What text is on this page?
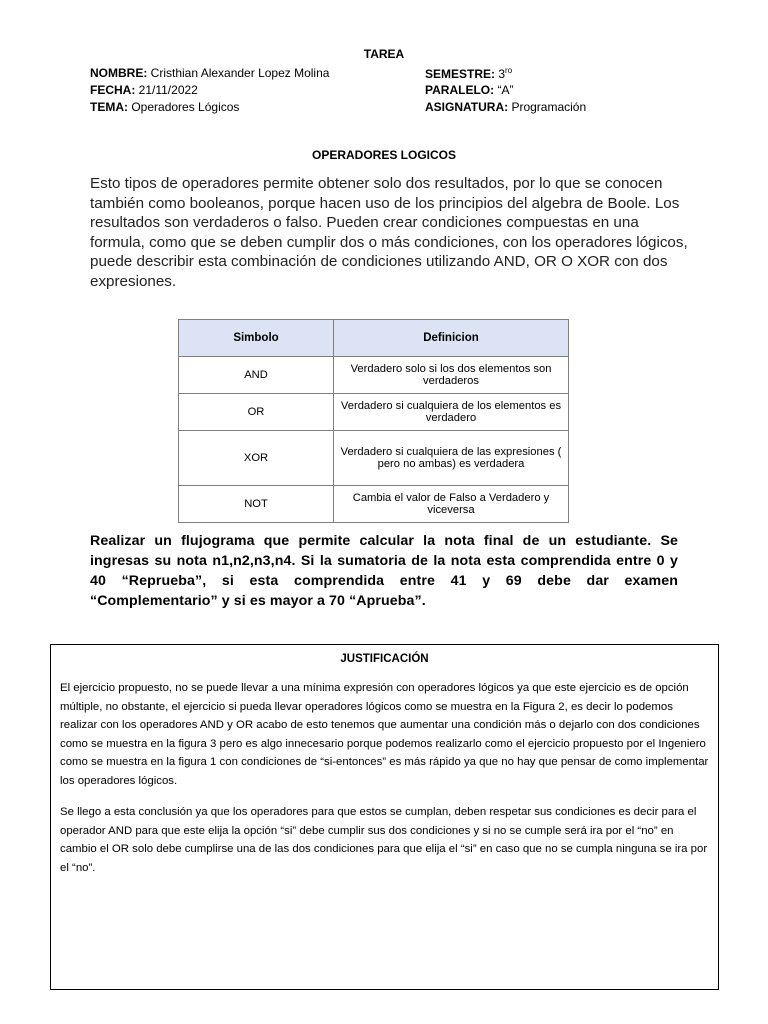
TAREA
NOMBRE: Cristhian Alexander Lopez Molina
FECHA: 21/11/2022
TEMA: Operadores Lógicos
SEMESTRE: $3^{ro}$
PARALELO: “A”
ASIGNATURA: Programación
OPERADORES LOGICOS

Esto tipos de operadores permite obtener solo dos resultados, por lo que se conocen también como booleanos, porque hacen uso de los principios del algebra de Boole. Los resultados son verdaderos o falso. Pueden crear condiciones compuestas en una formula, como que se deben cumplir dos o más condiciones, con los operadores lógicos, puede describir esta combinación de condiciones utilizando AND, OR O XOR con dos expresiones.

Simbolo	Definicion
AND	Verdadero solo si los dos elementos son verdaderos
OR	Verdadero si cualquiera de los elementos es verdadero
XOR	Verdadero si cualquiera de las expresiones ( pero no ambas) es verdadera
NOT	Cambia el valor de Falso a Verdadero y viceversa
Realizar un flujograma que permite calcular la nota final de un estudiante. Se ingresas su nota n1,n2,n3,n4. Si la sumatoria de la nota esta comprendida entre 0 y 40 “Reprueba”, si esta comprendida entre 41 y 69 debe dar examen “Complementario” y si es mayor a 70 “Aprueba”.
JUSTIFICACIÓN

El ejercicio propuesto, no se puede llevar a una mínima expresión con operadores lógicos ya que este ejercicio es de opción múltiple, no obstante, el ejercicio si pueda llevar operadores lógicos como se muestra en la Figura 2, es decir lo podemos realizar con los operadores AND y OR acabo de esto tenemos que aumentar una condición más o dejarlo con dos condiciones como se muestra en la figura 3 pero es algo innecesario porque podemos realizarlo como el ejercicio propuesto por el Ingeniero como se muestra en la figura 1 con condiciones de “si-entonces” es más rápido ya que no hay que pensar de como implementar los operadores lógicos.

Se llego a esta conclusión ya que los operadores para que estos se cumplan, deben respetar sus condiciones es decir para el operador AND para que este elija la opción “si” debe cumplir sus dos condiciones y si no se cumple será ira por el “no” en cambio el OR solo debe cumplirse una de las dos condiciones para que elija el “si” en caso que no se cumpla ninguna se ira por el “no”.
